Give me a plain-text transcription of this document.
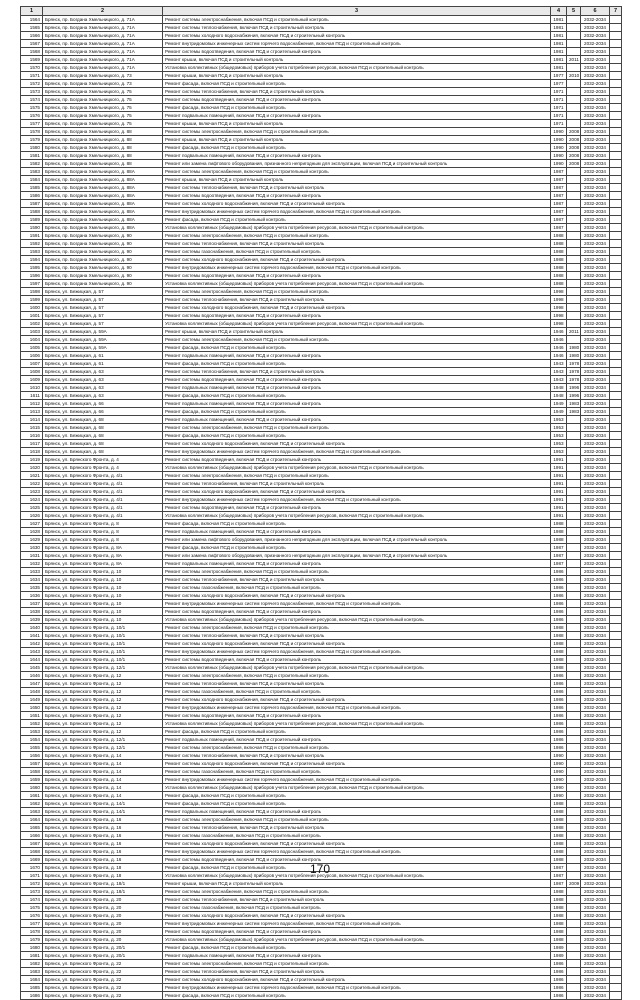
1	2	3	4	5	6	7
1564	Брянск, пр. Богдана Хмельницкого, д. 71А	Ремонт системы электроснабжения, включая ПСД и строительный контроль	1981		2032-2034	
1565	Брянск, пр. Богдана Хмельницкого, д. 71А	Ремонт системы теплоснабжения, включая ПСД и строительный контроль	1981		2032-2034	
1566	Брянск, пр. Богдана Хмельницкого, д. 71А	Ремонт системы холодного водоснабжения, включая ПСД и строительный контроль	1981		2032-2034	
1567	Брянск, пр. Богдана Хмельницкого, д. 71А	Ремонт внутридомовых инженерных систем горячего водоснабжения, включая ПСД и строительный контроль	1981		2032-2034	
1568	Брянск, пр. Богдана Хмельницкого, д. 71А	Ремонт системы водоотведения, включая ПСД и строительный контроль	1981		2032-2034	
1569	Брянск, пр. Богдана Хмельницкого, д. 71А	Ремонт крыши, включая ПСД и строительный контроль	1981	2011	2032-2034	
1570	Брянск, пр. Богдана Хмельницкого, д. 71А	Установка коллективных (общедомовых) приборов учета потребления ресурсов, включая ПСД и строительный контроль	1981		2032-2034	
1571	Брянск, пр. Богдана Хмельницкого, д. 73	Ремонт крыши, включая ПСД и строительный контроль	1977	2010	2032-2034	
1572	Брянск, пр. Богдана Хмельницкого, д. 73	Ремонт фасада, включая ПСД и строительный контроль	1977		2032-2034	
1573	Брянск, пр. Богдана Хмельницкого, д. 75	Ремонт системы теплоснабжения, включая ПСД и строительный контроль	1971		2032-2034	
1574	Брянск, пр. Богдана Хмельницкого, д. 75	Ремонт системы водоотведения, включая ПСД и строительный контроль	1971		2032-2034	
1575	Брянск, пр. Богдана Хмельницкого, д. 75	Ремонт фасада, включая ПСД и строительный контроль	1971		2032-2034	
1576	Брянск, пр. Богдана Хмельницкого, д. 75	Ремонт подвальных помещений, включая ПСД и строительный контроль	1971		2032-2034	
1577	Брянск, пр. Богдана Хмельницкого, д. 75	Ремонт крыши, включая ПСД и строительный контроль	1971		2032-2034	
1578	Брянск, пр. Богдана Хмельницкого, д. 88	Ремонт системы электроснабжения, включая ПСД и строительный контроль	1990	2008	2032-2034	
1579	Брянск, пр. Богдана Хмельницкого, д. 88	Ремонт крыши, включая ПСД и строительный контроль	1990	2008	2032-2034	
1580	Брянск, пр. Богдана Хмельницкого, д. 88	Ремонт фасада, включая ПСД и строительный контроль	1990	2008	2032-2034	
1581	Брянск, пр. Богдана Хмельницкого, д. 88	Ремонт подвальных помещений, включая ПСД и строительный контроль	1990	2008	2032-2034	
1582	Брянск, пр. Богдана Хмельницкого, д. 88	Ремонт или замена лифтового оборудования, признанного непригодным для эксплуатации, включая ПСД и строительный контроль	1990	2008	2032-2034	
1583	Брянск, пр. Богдана Хмельницкого, д. 88А	Ремонт системы электроснабжения, включая ПСД и строительный контроль	1987		2032-2034	
1584	Брянск, пр. Богдана Хмельницкого, д. 88А	Ремонт крыши, включая ПСД и строительный контроль	1987		2032-2034	
1585	Брянск, пр. Богдана Хмельницкого, д. 88А	Ремонт системы теплоснабжения, включая ПСД и строительный контроль	1987		2032-2034	
1586	Брянск, пр. Богдана Хмельницкого, д. 88А	Ремонт системы водоотведения, включая ПСД и строительный контроль	1987		2032-2034	
1587	Брянск, пр. Богдана Хмельницкого, д. 88А	Ремонт системы холодного водоснабжения, включая ПСД и строительный контроль	1987		2032-2034	
1588	Брянск, пр. Богдана Хмельницкого, д. 88А	Ремонт внутридомовых инженерных систем горячего водоснабжения, включая ПСД и строительный контроль	1987		2032-2034	
1589	Брянск, пр. Богдана Хмельницкого, д. 88А	Ремонт фасада, включая ПСД и строительный контроль	1987		2032-2034	
1590	Брянск, пр. Богдана Хмельницкого, д. 88А	Установка коллективных (общедомовых) приборов учета потребления ресурсов, включая ПСД и строительный контроль	1987		2032-2034	
1591	Брянск, пр. Богдана Хмельницкого, д. 90	Ремонт системы электроснабжения, включая ПСД и строительный контроль	1988		2032-2034	
1592	Брянск, пр. Богдана Хмельницкого, д. 90	Ремонт системы теплоснабжения, включая ПСД и строительный контроль	1988		2032-2034	
1593	Брянск, пр. Богдана Хмельницкого, д. 90	Ремонт системы газоснабжения, включая ПСД и строительный контроль	1988		2032-2034	
1594	Брянск, пр. Богдана Хмельницкого, д. 90	Ремонт системы холодного водоснабжения, включая ПСД и строительный контроль	1988		2032-2034	
1595	Брянск, пр. Богдана Хмельницкого, д. 90	Ремонт внутридомовых инженерных систем горячего водоснабжения, включая ПСД и строительный контроль	1988		2032-2034	
1596	Брянск, пр. Богдана Хмельницкого, д. 90	Ремонт системы водоотведения, включая ПСД и строительный контроль	1988		2032-2034	
1597	Брянск, пр. Богдана Хмельницкого, д. 90	Установка коллективных (общедомовых) приборов учета потребления ресурсов, включая ПСД и строительный контроль	1988		2032-2034	
1598	Брянск, ул. Бежицкая, д. 57	Ремонт системы электроснабжения, включая ПСД и строительный контроль	1998		2032-2034	
1599	Брянск, ул. Бежицкая, д. 57	Ремонт системы теплоснабжения, включая ПСД и строительный контроль	1998		2032-2034	
1600	Брянск, ул. Бежицкая, д. 57	Ремонт системы холодного водоснабжения, включая ПСД и строительный контроль	1998		2032-2034	
1601	Брянск, ул. Бежицкая, д. 57	Ремонт системы водоотведения, включая ПСД и строительный контроль	1998		2032-2034	
1602	Брянск, ул. Бежицкая, д. 57	Установка коллективных (общедомовых) приборов учета потребления ресурсов, включая ПСД и строительный контроль	1998		2032-2034	
1603	Брянск, ул. Бежицкая, д. 59А	Ремонт крыши, включая ПСД и строительный контроль	1946	2011	2032-2034	
1604	Брянск, ул. Бежицкая, д. 59А	Ремонт системы электроснабжения, включая ПСД и строительный контроль	1946		2032-2034	
1605	Брянск, ул. Бежицкая, д. 59А	Ремонт фасада, включая ПСД и строительный контроль	1946	1980	2032-2034	
1606	Брянск, ул. Бежицкая, д. 61	Ремонт подвальных помещений, включая ПСД и строительный контроль	1946	1980	2032-2034	
1607	Брянск, ул. Бежицкая, д. 61	Ремонт фасада, включая ПСД и строительный контроль	1943	1978	2032-2034	
1608	Брянск, ул. Бежицкая, д. 63	Ремонт системы теплоснабжения, включая ПСД и строительный контроль	1943	1978	2032-2034	
1609	Брянск, ул. Бежицкая, д. 63	Ремонт системы водоотведения, включая ПСД и строительный контроль	1943	1978	2032-2034	
1610	Брянск, ул. Бежицкая, д. 63	Ремонт подвальных помещений, включая ПСД и строительный контроль	1948	1996	2032-2034	
1611	Брянск, ул. Бежицкая, д. 63	Ремонт фасада, включая ПСД и строительный контроль	1948	1996	2032-2034	
1612	Брянск, ул. Бежицкая, д. 66	Ремонт подвальных помещений, включая ПСД и строительный контроль	1949	1983	2032-2034	
1613	Брянск, ул. Бежицкая, д. 66	Ремонт фасада, включая ПСД и строительный контроль	1949	1983	2032-2034	
1614	Брянск, ул. Бежицкая, д. 68	Ремонт подвальных помещений, включая ПСД и строительный контроль	1953		2032-2034	
1615	Брянск, ул. Бежицкая, д. 68	Ремонт системы электроснабжения, включая ПСД и строительный контроль	1953		2032-2034	
1616	Брянск, ул. Бежицкая, д. 68	Ремонт фасада, включая ПСД и строительный контроль	1953		2032-2034	
1617	Брянск, ул. Бежицкая, д. 68	Ремонт системы холодного водоснабжения, включая ПСД и строительный контроль	1953		2032-2034	
1618	Брянск, ул. Бежицкая, д. 68	Ремонт внутридомовых инженерных систем горячего водоснабжения, включая ПСД и строительный контроль	1953		2032-2034	
1619	Брянск, ул. Брянского Фронта, д. 4	Ремонт системы водоотведения, включая ПСД и строительный контроль	1991		2032-2034	
1620	Брянск, ул. Брянского Фронта, д. 4	Установка коллективных (общедомовых) приборов учета потребления ресурсов, включая ПСД и строительный контроль	1991		2032-2034	
1621	Брянск, ул. Брянского Фронта, д. 4/1	Ремонт системы электроснабжения, включая ПСД и строительный контроль	1991		2032-2034	
1622	Брянск, ул. Брянского Фронта, д. 4/1	Ремонт системы теплоснабжения, включая ПСД и строительный контроль	1991		2032-2034	
1623	Брянск, ул. Брянского Фронта, д. 4/1	Ремонт системы холодного водоснабжения, включая ПСД и строительный контроль	1991		2032-2034	
1624	Брянск, ул. Брянского Фронта, д. 4/1	Ремонт внутридомовых инженерных систем горячего водоснабжения, включая ПСД и строительный контроль	1991		2032-2034	
1625	Брянск, ул. Брянского Фронта, д. 4/1	Ремонт системы водоотведения, включая ПСД и строительный контроль	1991		2032-2034	
1626	Брянск, ул. Брянского Фронта, д. 4/1	Установка коллективных (общедомовых) приборов учета потребления ресурсов, включая ПСД и строительный контроль	1991		2032-2034	
1627	Брянск, ул. Брянского Фронта, д. 8	Ремонт фасада, включая ПСД и строительный контроль	1988		2032-2034	
1628	Брянск, ул. Брянского Фронта, д. 8	Ремонт подвальных помещений, включая ПСД и строительный контроль	1988		2032-2034	
1629	Брянск, ул. Брянского Фронта, д. 8	Ремонт или замена лифтового оборудования, признанного непригодным для эксплуатации, включая ПСД и строительный контроль	1988		2032-2034	
1630	Брянск, ул. Брянского Фронта, д. 8А	Ремонт фасада, включая ПСД и строительный контроль	1987		2032-2034	
1631	Брянск, ул. Брянского Фронта, д. 8А	Ремонт или замена лифтового оборудования, признанного непригодным для эксплуатации, включая ПСД и строительный контроль	1987		2032-2034	
1632	Брянск, ул. Брянского Фронта, д. 8А	Ремонт подвальных помещений, включая ПСД и строительный контроль	1987		2032-2034	
1633	Брянск, ул. Брянского Фронта, д. 10	Ремонт системы электроснабжения, включая ПСД и строительный контроль	1986		2032-2034	
1634	Брянск, ул. Брянского Фронта, д. 10	Ремонт системы теплоснабжения, включая ПСД и строительный контроль	1986		2032-2034	
1635	Брянск, ул. Брянского Фронта, д. 10	Ремонт системы газоснабжения, включая ПСД и строительный контроль	1986		2032-2034	
1636	Брянск, ул. Брянского Фронта, д. 10	Ремонт системы холодного водоснабжения, включая ПСД и строительный контроль	1986		2032-2034	
1637	Брянск, ул. Брянского Фронта, д. 10	Ремонт внутридомовых инженерных систем горячего водоснабжения, включая ПСД и строительный контроль	1986		2032-2034	
1638	Брянск, ул. Брянского Фронта, д. 10	Ремонт системы водоотведения, включая ПСД и строительный контроль	1986		2032-2034	
1639	Брянск, ул. Брянского Фронта, д. 10	Установка коллективных (общедомовых) приборов учета потребления ресурсов, включая ПСД и строительный контроль	1986		2032-2034	
1640	Брянск, ул. Брянского Фронта, д. 10/1	Ремонт системы электроснабжения, включая ПСД и строительный контроль	1988		2032-2034	
1641	Брянск, ул. Брянского Фронта, д. 10/1	Ремонт системы теплоснабжения, включая ПСД и строительный контроль	1988		2032-2034	
1642	Брянск, ул. Брянского Фронта, д. 10/1	Ремонт системы холодного водоснабжения, включая ПСД и строительный контроль	1988		2032-2034	
1643	Брянск, ул. Брянского Фронта, д. 10/1	Ремонт внутридомовых инженерных систем горячего водоснабжения, включая ПСД и строительный контроль	1988		2032-2034	
1644	Брянск, ул. Брянского Фронта, д. 10/1	Ремонт системы водоотведения, включая ПСД и строительный контроль	1988		2032-2034	
1645	Брянск, ул. Брянского Фронта, д. 12/1	Установка коллективных (общедомовых) приборов учета потребления ресурсов, включая ПСД и строительный контроль	1988		2032-2034	
1646	Брянск, ул. Брянского Фронта, д. 12	Ремонт системы электроснабжения, включая ПСД и строительный контроль	1986		2032-2034	
1647	Брянск, ул. Брянского Фронта, д. 12	Ремонт системы теплоснабжения, включая ПСД и строительный контроль	1986		2032-2034	
1648	Брянск, ул. Брянского Фронта, д. 12	Ремонт системы газоснабжения, включая ПСД и строительный контроль	1986		2032-2034	
1649	Брянск, ул. Брянского Фронта, д. 12	Ремонт системы холодного водоснабжения, включая ПСД и строительный контроль	1986		2032-2034	
1650	Брянск, ул. Брянского Фронта, д. 12	Ремонт внутридомовых инженерных систем горячего водоснабжения, включая ПСД и строительный контроль	1986		2032-2034	
1651	Брянск, ул. Брянского Фронта, д. 12	Ремонт системы водоотведения, включая ПСД и строительный контроль	1986		2032-2034	
1652	Брянск, ул. Брянского Фронта, д. 12	Установка коллективных (общедомовых) приборов учета потребления ресурсов, включая ПСД и строительный контроль	1986		2032-2034	
1653	Брянск, ул. Брянского Фронта, д. 12	Ремонт фасада, включая ПСД и строительный контроль	1986		2032-2034	
1654	Брянск, ул. Брянского Фронта, д. 12/1	Ремонт подвальных помещений, включая ПСД и строительный контроль	1986		2032-2034	
1655	Брянск, ул. Брянского Фронта, д. 12/1	Ремонт системы электроснабжения, включая ПСД и строительный контроль	1986		2032-2034	
1656	Брянск, ул. Брянского Фронта, д. 14	Ремонт системы теплоснабжения, включая ПСД и строительный контроль	1990		2032-2034	
1657	Брянск, ул. Брянского Фронта, д. 14	Ремонт системы холодного водоснабжения, включая ПСД и строительный контроль	1990		2032-2034	
1658	Брянск, ул. Брянского Фронта, д. 14	Ремонт системы газоснабжения, включая ПСД и строительный контроль	1990		2032-2034	
1659	Брянск, ул. Брянского Фронта, д. 14	Ремонт внутридомовых инженерных систем горячего водоснабжения, включая ПСД и строительный контроль	1990		2032-2034	
1660	Брянск, ул. Брянского Фронта, д. 14	Установка коллективных (общедомовых) приборов учета потребления ресурсов, включая ПСД и строительный контроль	1990		2032-2034	
1661	Брянск, ул. Брянского Фронта, д. 14	Ремонт фасада, включая ПСД и строительный контроль	1990		2032-2034	
1662	Брянск, ул. Брянского Фронта, д. 14/1	Ремонт фасада, включая ПСД и строительный контроль	1988		2032-2034	
1663	Брянск, ул. Брянского Фронта, д. 14/1	Ремонт подвальных помещений, включая ПСД и строительный контроль	1988		2032-2034	
1664	Брянск, ул. Брянского Фронта, д. 16	Ремонт системы электроснабжения, включая ПСД и строительный контроль	1988		2032-2034	
1665	Брянск, ул. Брянского Фронта, д. 16	Ремонт системы теплоснабжения, включая ПСД и строительный контроль	1988		2032-2034	
1666	Брянск, ул. Брянского Фронта, д. 16	Ремонт системы газоснабжения, включая ПСД и строительный контроль	1988		2032-2034	
1667	Брянск, ул. Брянского Фронта, д. 16	Ремонт системы холодного водоснабжения, включая ПСД и строительный контроль	1988		2032-2034	
1668	Брянск, ул. Брянского Фронта, д. 16	Ремонт внутридомовых инженерных систем горячего водоснабжения, включая ПСД и строительный контроль	1988		2032-2034	
1669	Брянск, ул. Брянского Фронта, д. 16	Ремонт системы водоотведения, включая ПСД и строительный контроль	1988		2032-2034	
1670	Брянск, ул. Брянского Фронта, д. 18	Ремонт фасада, включая ПСД и строительный контроль	1987		2032-2034	
1671	Брянск, ул. Брянского Фронта, д. 18	Установка коллективных (общедомовых) приборов учета потребления ресурсов, включая ПСД и строительный контроль	1987		2032-2034	
1672	Брянск, ул. Брянского Фронта, д. 18/1	Ремонт крыши, включая ПСД и строительный контроль	1987	2009	2032-2034	
1673	Брянск, ул. Брянского Фронта, д. 18/1	Ремонт системы электроснабжения, включая ПСД и строительный контроль	1988		2032-2034	
1674	Брянск, ул. Брянского Фронта, д. 20	Ремонт системы теплоснабжения, включая ПСД и строительный контроль	1988		2032-2034	
1675	Брянск, ул. Брянского Фронта, д. 20	Ремонт системы газоснабжения, включая ПСД и строительный контроль	1988		2032-2034	
1676	Брянск, ул. Брянского Фронта, д. 20	Ремонт системы холодного водоснабжения, включая ПСД и строительный контроль	1988		2032-2034	
1677	Брянск, ул. Брянского Фронта, д. 20	Ремонт внутридомовых инженерных систем горячего водоснабжения, включая ПСД и строительный контроль	1988		2032-2034	
1678	Брянск, ул. Брянского Фронта, д. 20	Ремонт системы водоотведения, включая ПСД и строительный контроль	1988		2032-2034	
1679	Брянск, ул. Брянского Фронта, д. 20	Установка коллективных (общедомовых) приборов учета потребления ресурсов, включая ПСД и строительный контроль	1988		2032-2034	
1680	Брянск, ул. Брянского Фронта, д. 20/1	Ремонт фасада, включая ПСД и строительный контроль	1989		2032-2034	
1681	Брянск, ул. Брянского Фронта, д. 20/1	Ремонт подвальных помещений, включая ПСД и строительный контроль	1989		2032-2034	
1682	Брянск, ул. Брянского Фронта, д. 22	Ремонт системы электроснабжения, включая ПСД и строительный контроль	1986		2032-2034	
1683	Брянск, ул. Брянского Фронта, д. 22	Ремонт системы теплоснабжения, включая ПСД и строительный контроль	1986		2032-2034	
1684	Брянск, ул. Брянского Фронта, д. 22	Ремонт системы холодного водоснабжения, включая ПСД и строительный контроль	1986		2032-2034	
1685	Брянск, ул. Брянского Фронта, д. 22	Ремонт внутридомовых инженерных систем горячего водоснабжения, включая ПСД и строительный контроль	1986		2032-2034	
1686	Брянск, ул. Брянского Фронта, д. 22	Ремонт фасада, включая ПСД и строительный контроль	1986		2032-2034	
170
